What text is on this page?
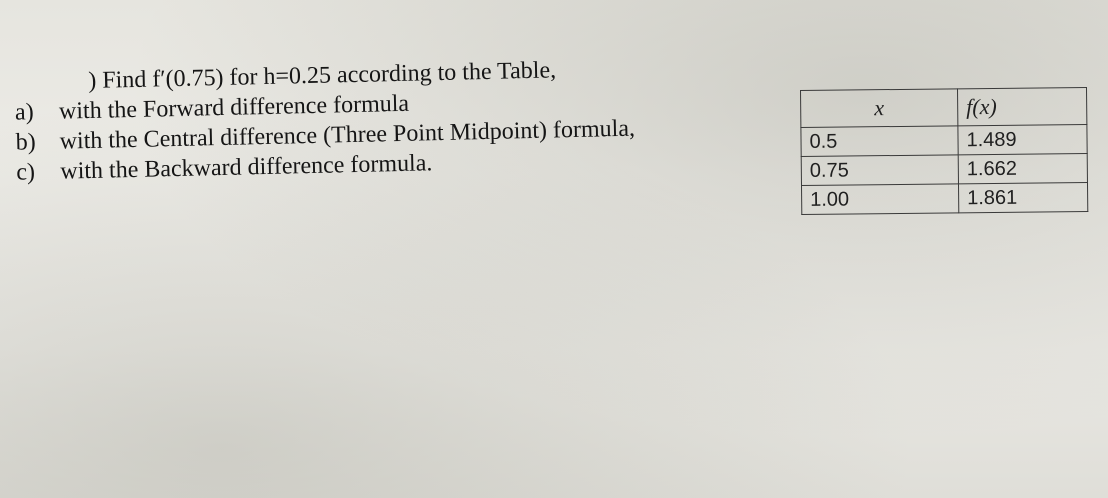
) Find f′(0.75) for h=0.25 according to the Table,
a) with the Forward difference formula
b) with the Central difference (Three Point Midpoint) formula,
c) with the Backward difference formula.
x	f(x)
0.5	1.489
0.75	1.662
1.00	1.861
